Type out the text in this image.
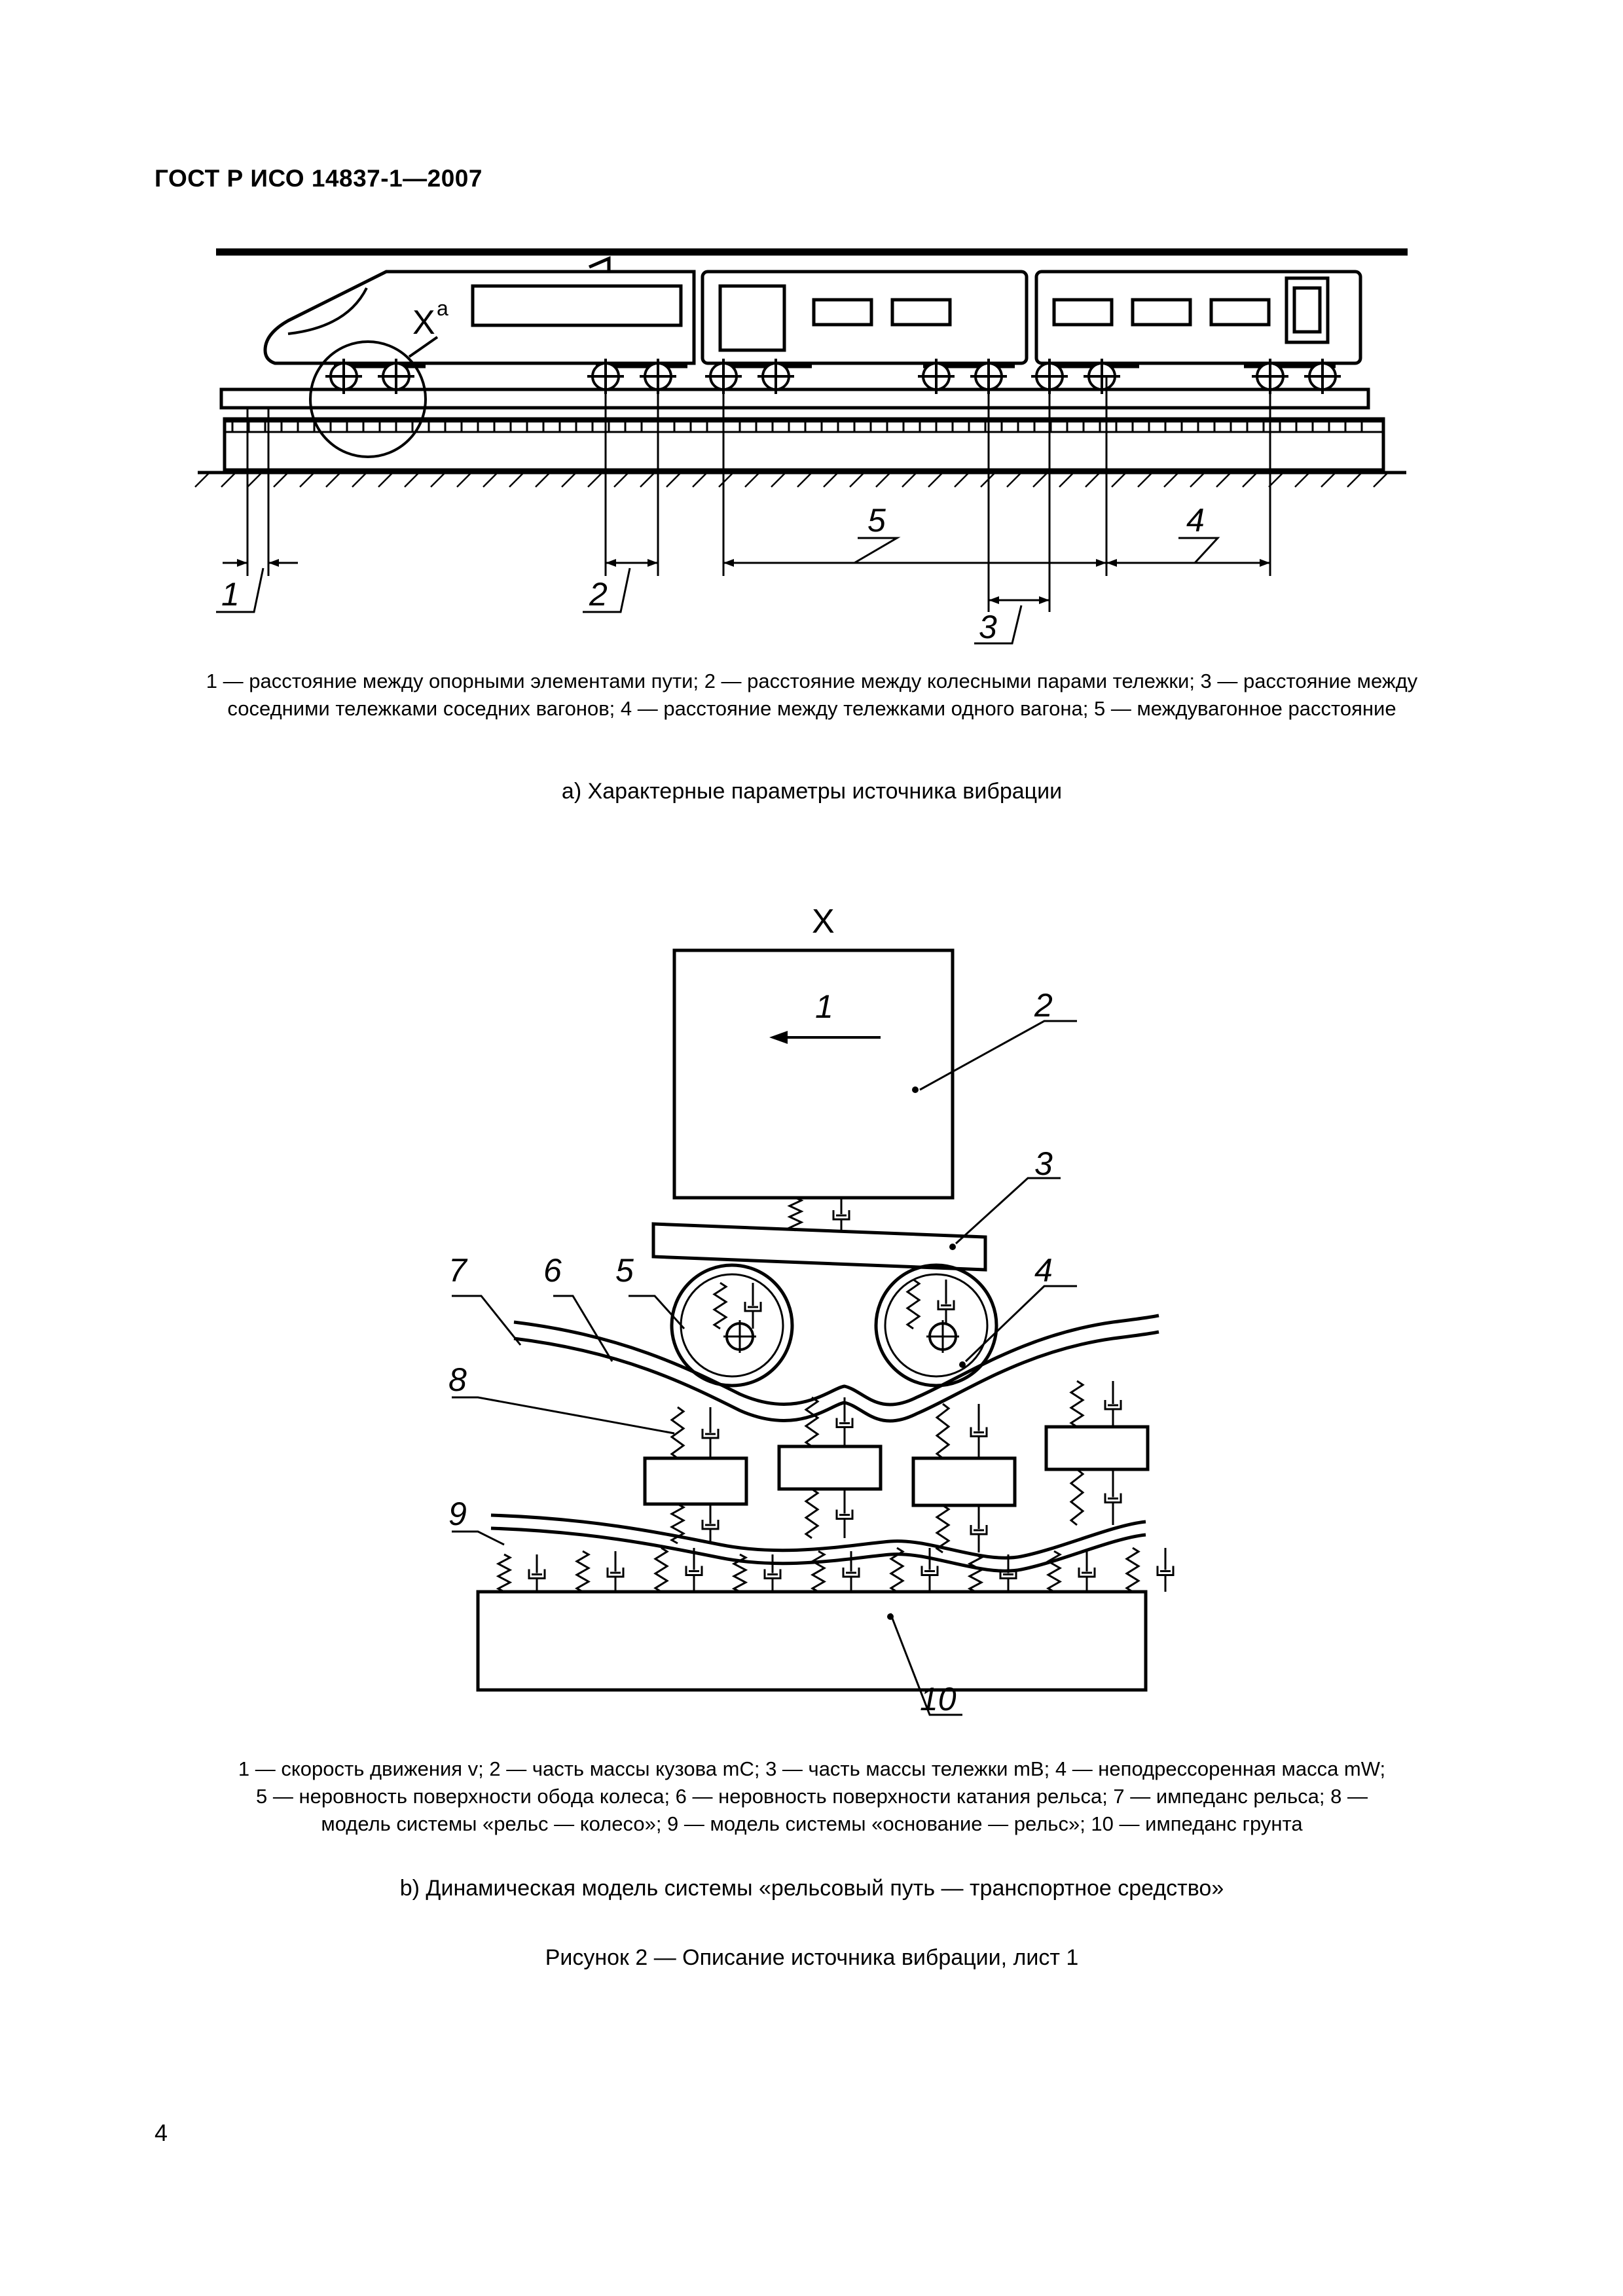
ГОСТ Р ИСО 14837-1—2007
X a
1	2
3
4
5
1 — расстояние между опорными элементами пути; 2 — расстояние между колесными парами тележки; 3 — расстояние между соседними тележками соседних вагонов; 4 — расстояние между тележками одного вагона; 5 — междувагонное расстояние
a) Характерные параметры источника вибрации
X
1	2
3
4
5
6
7
8
9
10
1 — скорость движения v; 2 — часть массы кузова mC; 3 — часть массы тележки mB; 4 — неподрессоренная масса mW;
5 — неровность поверхности обода колеса; 6 — неровность поверхности катания рельса; 7 — импеданс рельса; 8 —
модель системы «рельс — колесо»; 9 — модель системы «основание — рельс»; 10 — импеданс грунта
b) Динамическая модель системы «рельсовый путь — транспортное средство»
Рисунок 2 — Описание источника вибрации, лист 1
4
